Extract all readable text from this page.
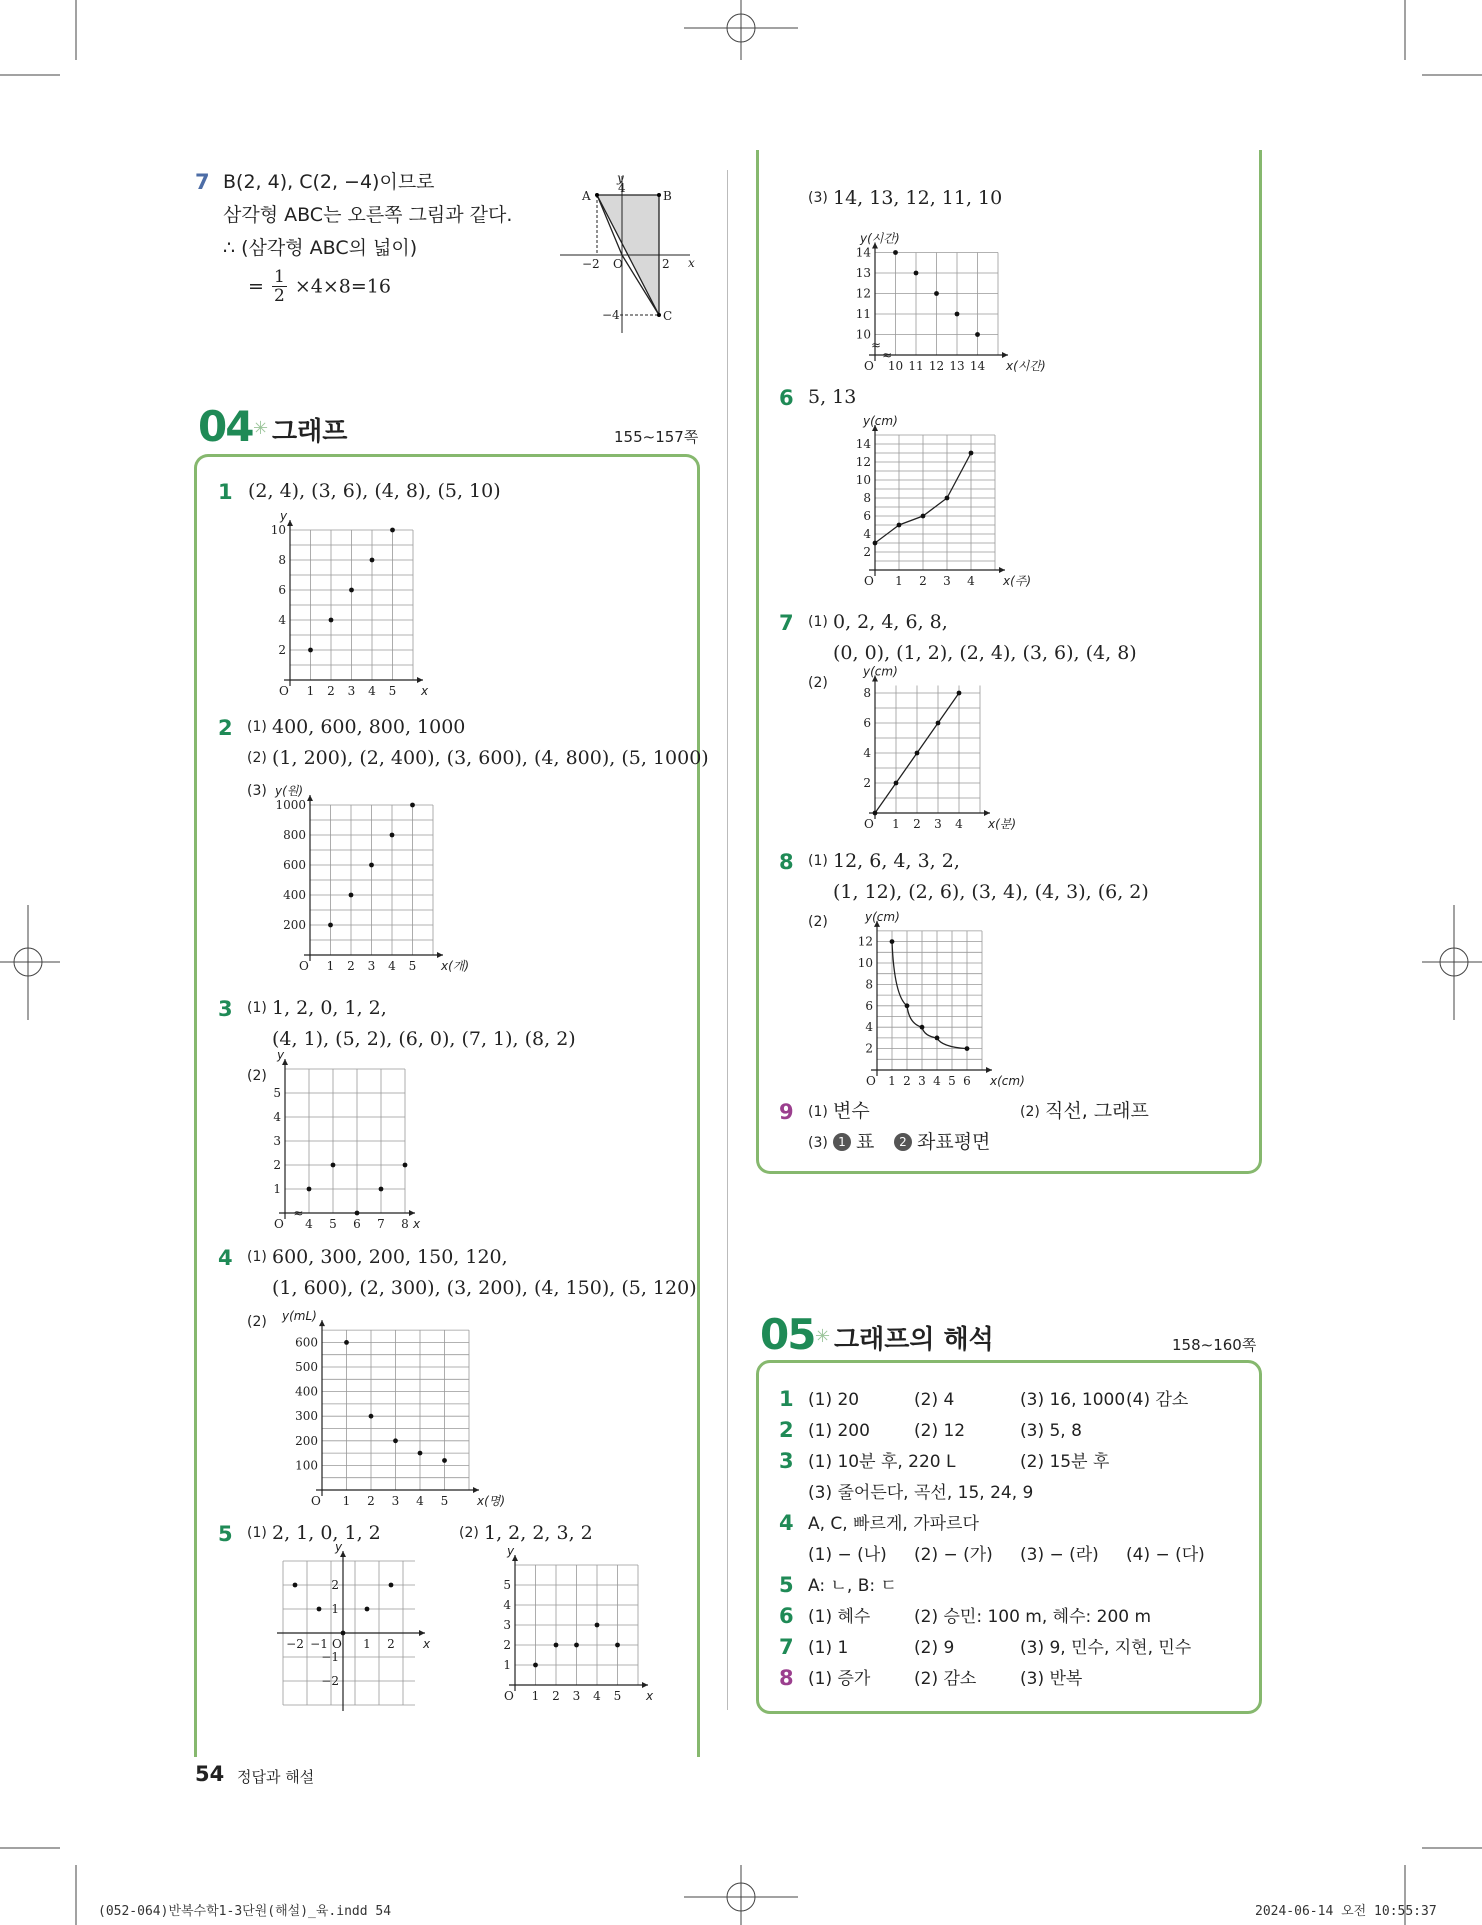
7 B(2, 4), C(2, −4)이므로
삼각형 ABC는 오른쪽 그림과 같다.
∴ (삼각형 ABC의 넓이)
= $\frac{1}{2} \times 4\times 8=16$
A	B
C
O
4
−4
−2	2 x
y
04 ✳ 그래프	155∼157쪽
1 (2, 4), (3, 6), (4, 8), (5, 10)
O	x
y
1 2 3 4 5
2
4
6
8
10
2 (1) 400, 600, 800, 1000
(2) (1, 200), (2, 400), (3, 600), (4, 800), (5, 1000)
(3)
O	x(개)
y(원)
1 2 3 4 5
200
400
600
800
1000
3 (1) 1, 2, 0, 1, 2,
(4, 1), (5, 2), (6, 0), (7, 1), (8, 2)
(2)
O	x
y
4 5 6 7 8
1
2
3
4
5
≈
4 (1) 600, 300, 200, 150, 120,
(1, 600), (2, 300), (3, 200), (4, 150), (5, 120)
(2)
O	x(명)
y(mL)
1 2 3 4 5
100
200
300
400
500
600
5 (1) 2, 1, 0, 1, 2	(2) 1, 2, 2, 3, 2
O	x
y
−2 −1	1 2
2
1
−1
−2
O	x
y
1 2 3 4 5
1
2
3
4
5
(3) 14, 13, 12, 11, 10
O	x(시간)
y(시간)
10 11 12 13 14
10
11
12
13
14
≈
≈
6 5, 13
O	x(주)
y(cm)
1 2 3 4
2
4
6
8
10
12
14
7 (1) 0, 2, 4, 6, 8,
(0, 0), (1, 2), (2, 4), (3, 6), (4, 8)
(2)
O	x(분)
y(cm)
1 2 3 4
2
4
6
8
8 (1) 12, 6, 4, 3, 2,
(1, 12), (2, 6), (3, 4), (4, 3), (6, 2)
(2)
O	x(cm)
y(cm)
1 2 3 4 5 6
2
4
6
8
10
12
9 (1) 변수	(2) 직선, 그래프
(3) 1 표	2 좌표평면
05 ✳ 그래프의 해석	158∼160쪽
1 (1) 20	(2) 4	(3) 16, 1000 (4) 감소
2 (1) 200	(2) 12	(3) 5, 8
3 (1) 10분 후, 220 L	(2) 15분 후
(3) 줄어든다, 곡선, 15, 24, 9
4 A, C, 빠르게, 가파르다
(1) − (나) (2) − (가) (3) − (라) (4) − (다)
5 A: ㄴ, B: ㄷ
6 (1) 혜수	(2) 승민: 100 m, 혜수: 200 m
7 (1) 1	(2) 9	(3) 9, 민수, 지현, 민수
8 (1) 증가	(2) 감소	(3) 반복
54 정답과 해설
(052-064)반복수학1-3단원(해설)_육.indd 54	2024-06-14 오전 10:55:37
